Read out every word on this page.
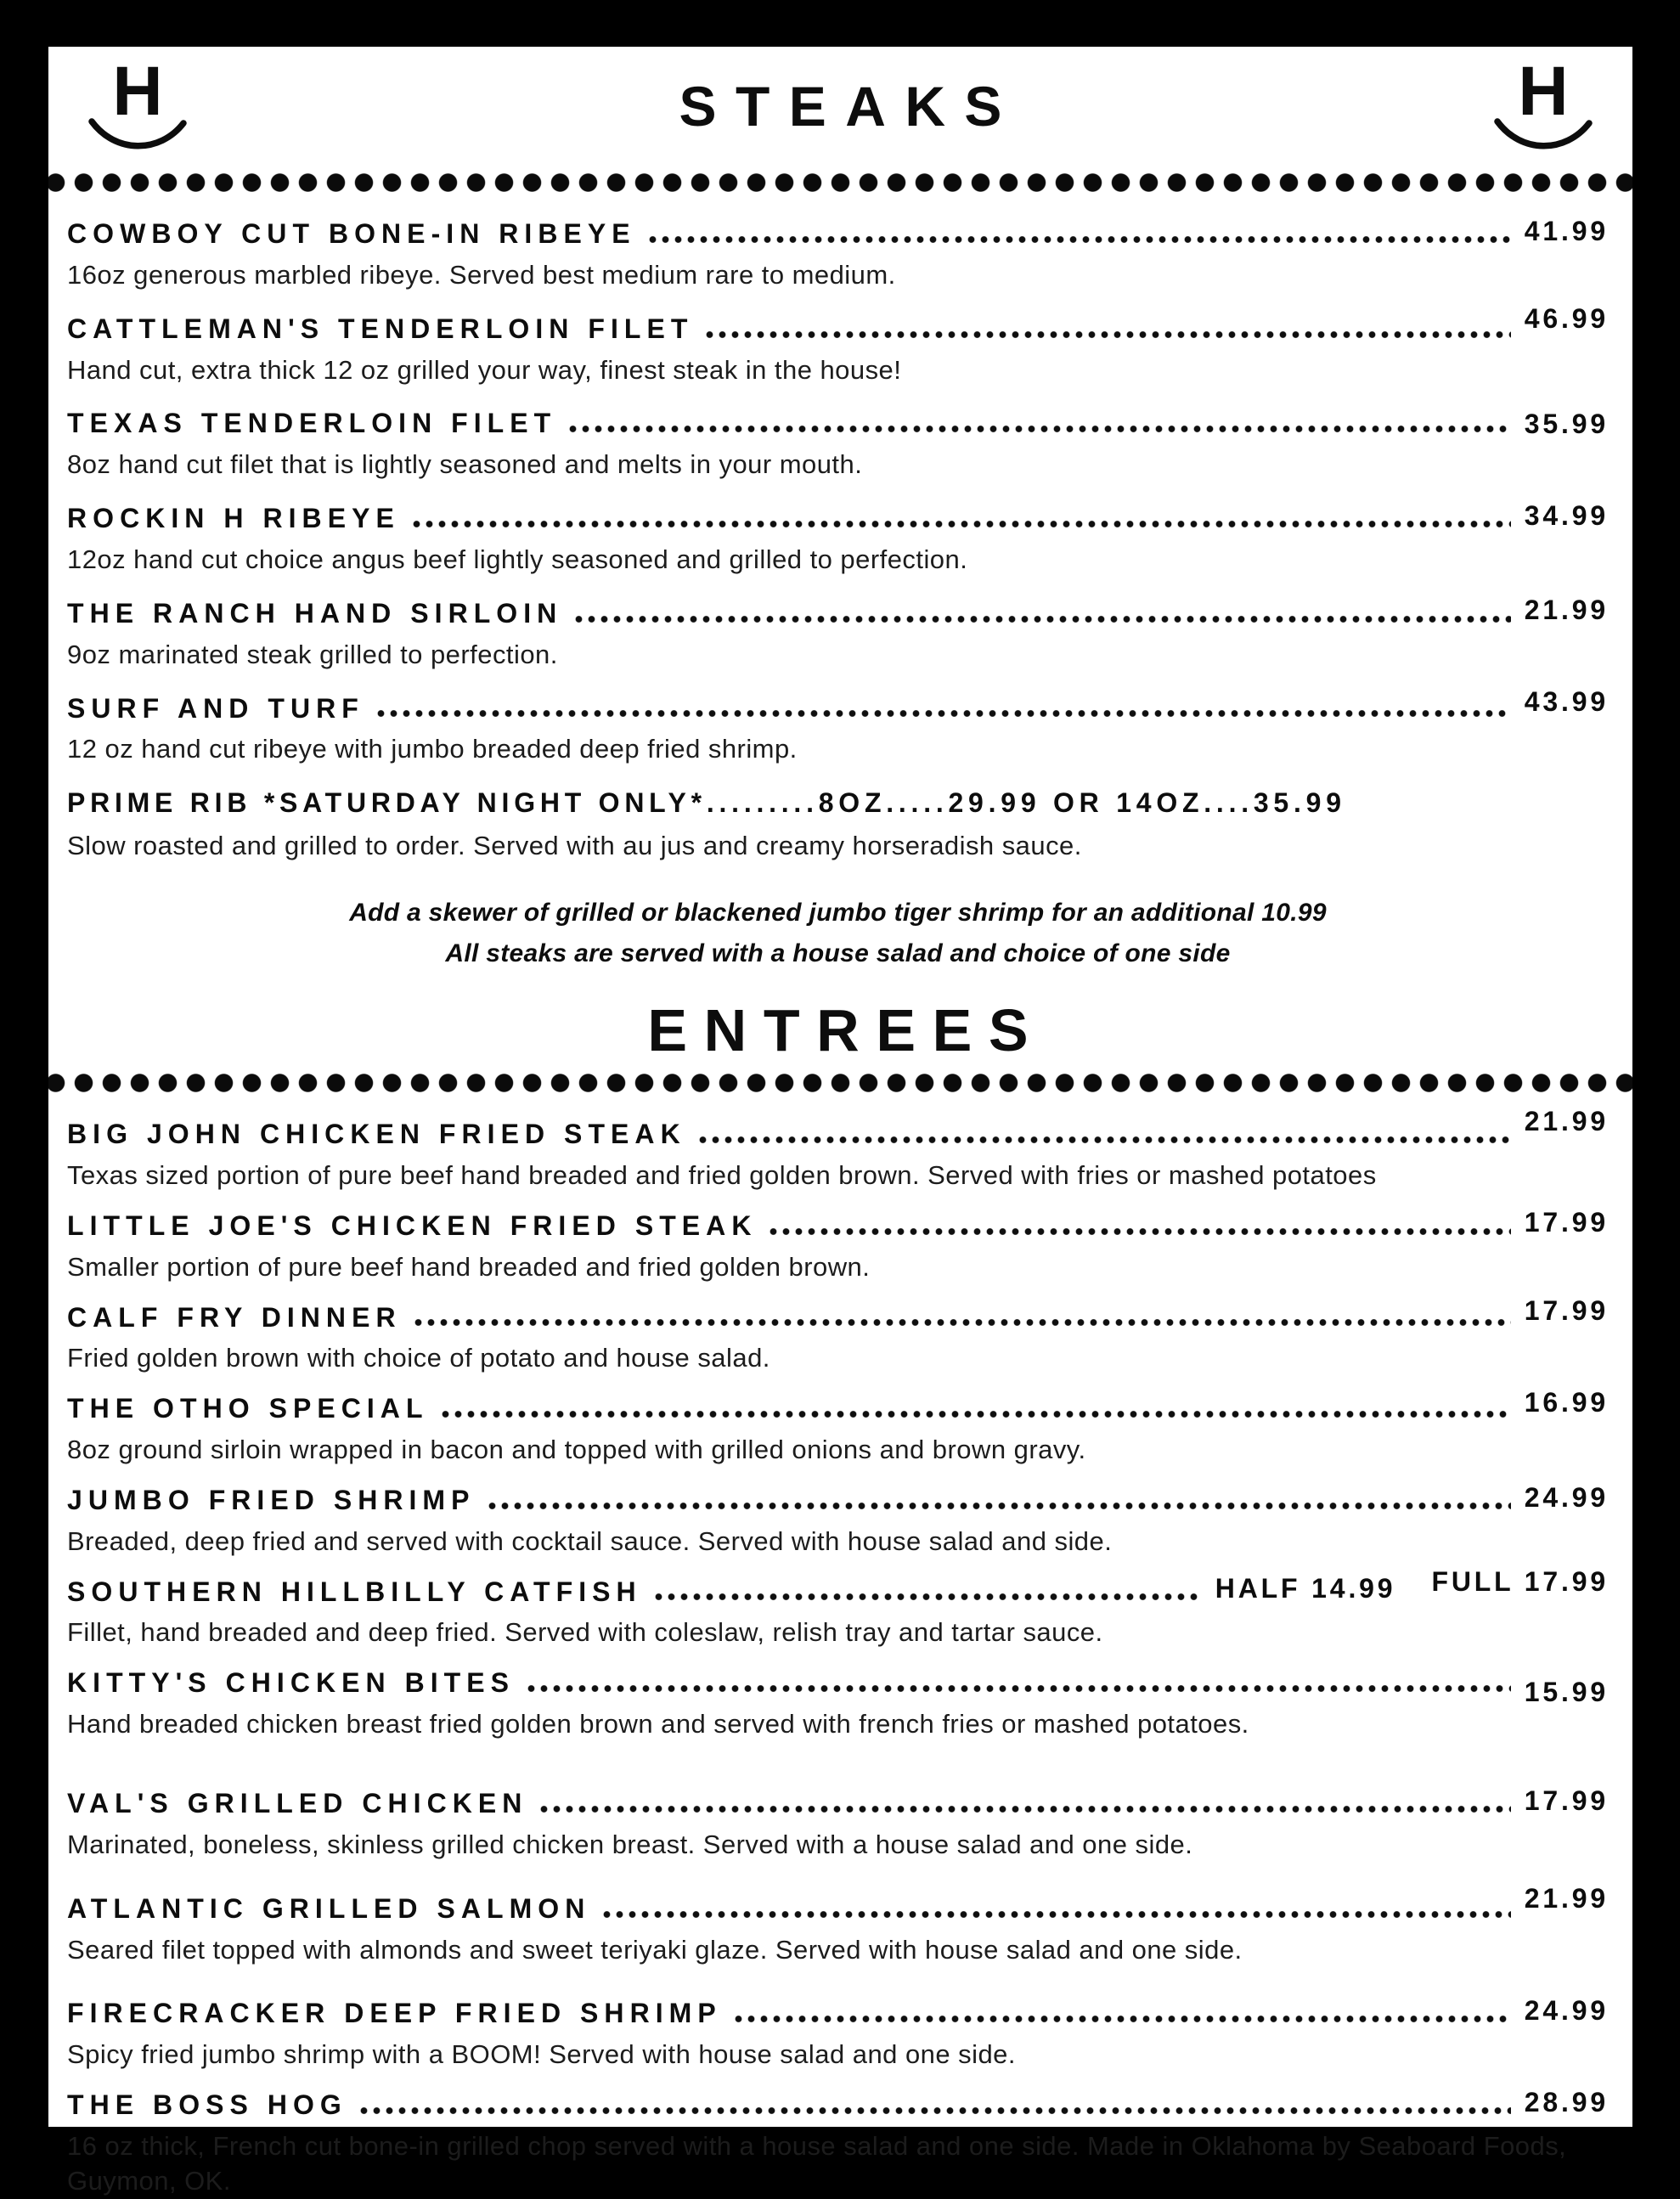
H	STEAKS	H
COWBOY CUT BONE-IN RIBEYE	41.99
16oz generous marbled ribeye. Served best medium rare to medium.
CATTLEMAN'S TENDERLOIN FILET	46.99
Hand cut, extra thick 12 oz grilled your way, finest steak in the house!
TEXAS TENDERLOIN FILET	35.99
8oz hand cut filet that is lightly seasoned and melts in your mouth.
ROCKIN H RIBEYE	34.99
12oz hand cut choice angus beef lightly seasoned and grilled to perfection.
THE RANCH HAND SIRLOIN	21.99
9oz marinated steak grilled to perfection.
SURF AND TURF	43.99
12 oz hand cut ribeye with jumbo breaded deep fried shrimp.
PRIME RIB *SATURDAY NIGHT ONLY*.........8OZ.....29.99 OR 14OZ....35.99
Slow roasted and grilled to order. Served with au jus and creamy horseradish sauce.
Add a skewer of grilled or blackened jumbo tiger shrimp for an additional 10.99
All steaks are served with a house salad and choice of one side
ENTREES
BIG JOHN CHICKEN FRIED STEAK	21.99
Texas sized portion of pure beef hand breaded and fried golden brown. Served with fries or mashed potatoes
LITTLE JOE'S CHICKEN FRIED STEAK	17.99
Smaller portion of pure beef hand breaded and fried golden brown.
CALF FRY DINNER	17.99
Fried golden brown with choice of potato and house salad.
THE OTHO SPECIAL	16.99
8oz ground sirloin wrapped in bacon and topped with grilled onions and brown gravy.
JUMBO FRIED SHRIMP	24.99
Breaded, deep fried and served with cocktail sauce. Served with house salad and side.
SOUTHERN HILLBILLY CATFISH	HALF 14.99 FULL 17.99
Fillet, hand breaded and deep fried. Served with coleslaw, relish tray and tartar sauce.
KITTY'S CHICKEN BITES	15.99
Hand breaded chicken breast fried golden brown and served with french fries or mashed potatoes.
VAL'S GRILLED CHICKEN	17.99
Marinated, boneless, skinless grilled chicken breast. Served with a house salad and one side.
ATLANTIC GRILLED SALMON	21.99
Seared filet topped with almonds and sweet teriyaki glaze. Served with house salad and one side.
FIRECRACKER DEEP FRIED SHRIMP	24.99
Spicy fried jumbo shrimp with a BOOM! Served with house salad and one side.
THE BOSS HOG	28.99
16 oz thick, French cut bone-in grilled chop served with a house salad and one side. Made in Oklahoma by Seaboard Foods, Guymon, OK.
